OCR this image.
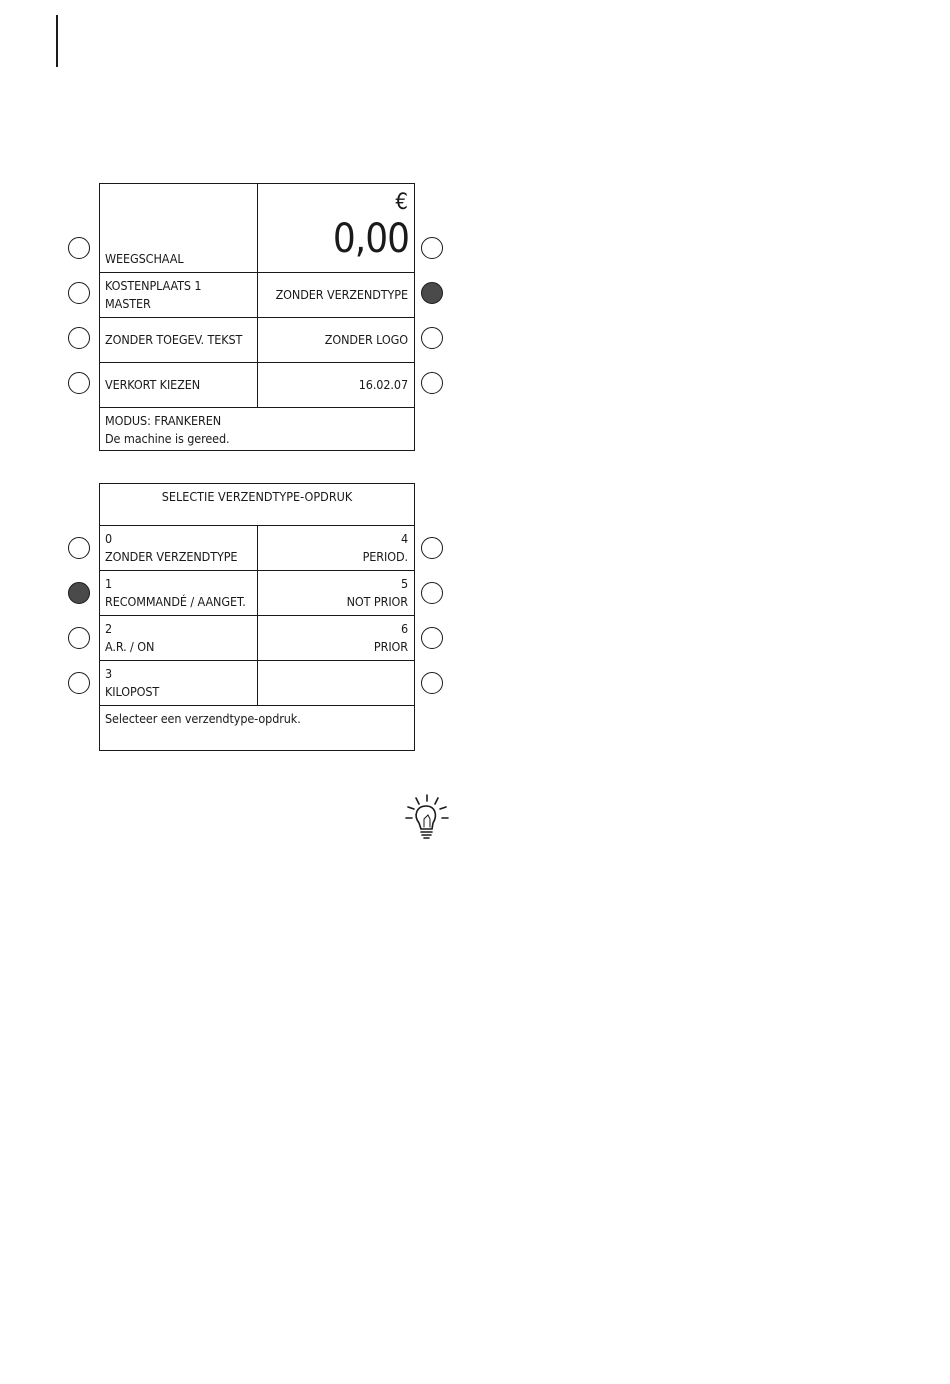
WEEGSCHAAL
€
0,00
KOSTENPLAATS 1
MASTER
ZONDER VERZENDTYPE
ZONDER TOEGEV. TEKST	ZONDER LOGO
VERKORT KIEZEN	16.02.07
MODUS: FRANKEREN
De machine is gereed.
SELECTIE VERZENDTYPE-OPDRUK
0
ZONDER VERZENDTYPE
4
PERIOD.
1
RECOMMANDÉ / AANGET.
5
NOT PRIOR
2
A.R. / ON
6
PRIOR
3
KILOPOST
Selecteer een verzendtype-opdruk.
